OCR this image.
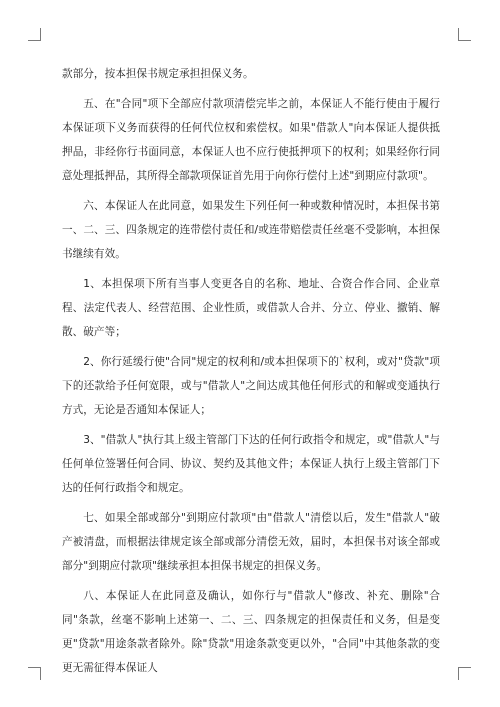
款部分，按本担保书规定承担担保义务。

五、在"合同"项下全部应付款项清偿完毕之前，本保证人不能行使由于履行本保证项下义务而获得的任何代位权和索偿权。如果"借款人"向本保证人提供抵押品，非经你行书面同意，本保证人也不应行使抵押项下的权利；如果经你行同意处理抵押品，其所得全部款项保证首先用于向你行偿付上述"到期应付款项"。

六、本保证人在此同意，如果发生下列任何一种或数种情况时，本担保书第一、二、三、四条规定的连带偿付责任和/或连带赔偿责任丝毫不受影响，本担保书继续有效。

1、本担保项下所有当事人变更各自的名称、地址、合资合作合同、企业章程、法定代表人、经营范围、企业性质，或借款人合并、分立、停业、撤销、解散、破产等；

2、你行延缓行使"合同"规定的权利和/或本担保项下的`权利，或对"贷款"项下的还款给予任何宽限，或与"借款人"之间达成其他任何形式的和解或变通执行方式，无论是否通知本保证人；

3、"借款人"执行其上级主管部门下达的任何行政指令和规定，或"借款人"与任何单位签署任何合同、协议、契约及其他文件；本保证人执行上级主管部门下达的任何行政指令和规定。

七、如果全部或部分"到期应付款项"由"借款人"清偿以后，发生"借款人"破产被清盘，而根据法律规定该全部或部分清偿无效，届时，本担保书对该全部或部分"到期应付款项"继续承担本担保书规定的担保义务。

八、本保证人在此同意及确认，如你行与"借款人"修改、补充、删除"合同"条款，丝毫不影响上述第一、二、三、四条规定的担保责任和义务，但是变更"贷款"用途条款者除外。除"贷款"用途条款变更以外，"合同"中其他条款的变更无需征得本保证人
